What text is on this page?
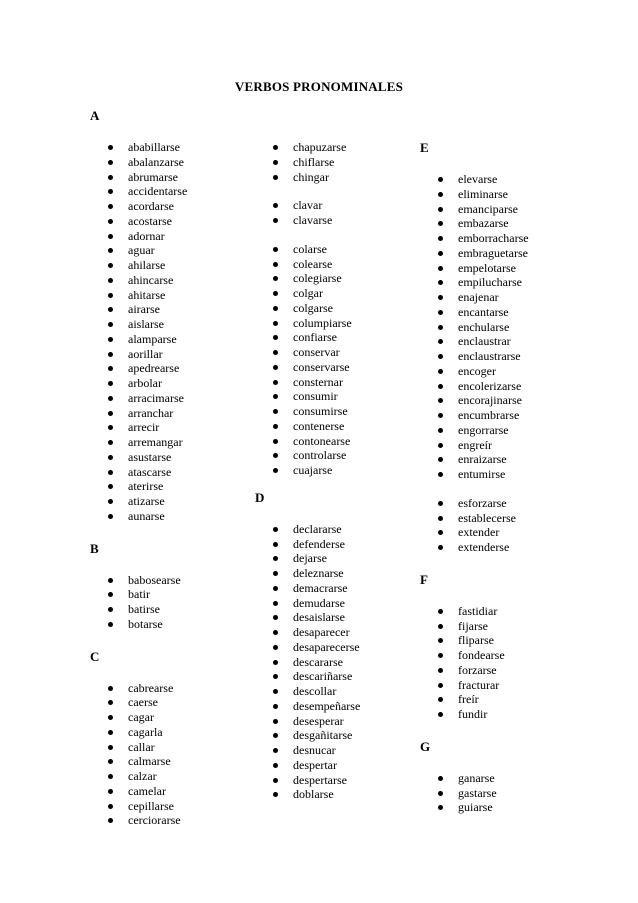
VERBOS PRONOMINALES
A
ababillarse
abalanzarse
abrumarse
accidentarse
acordarse
acostarse
adornar
aguar
ahilarse
ahincarse
ahitarse
airarse
aislarse
alamparse
aorillar
apedrearse
arbolar
arracimarse
arranchar
arrecir
arremangar
asustarse
atascarse
aterirse
atizarse
aunarse
B
babosearse
batir
batirse
botarse
C
cabrearse
caerse
cagar
cagarla
callar
calmarse
calzar
camelar
cepillarse
cerciorarse
chapuzarse
chiflarse
chingar
clavar
clavarse
colarse
colearse
colegiarse
colgar
colgarse
columpiarse
confiarse
conservar
conservarse
consternar
consumir
consumirse
contenerse
contonearse
controlarse
cuajarse
D
declararse
defenderse
dejarse
deleznarse
demacrarse
demudarse
desaislarse
desaparecer
desaparecerse
descararse
descariñarse
descollar
desempeñarse
desesperar
desgañitarse
desnucar
despertar
despertarse
doblarse
E
elevarse
eliminarse
emanciparse
embazarse
emborracharse
embraguetarse
empelotarse
empilucharse
enajenar
encantarse
enchularse
enclaustrar
enclaustrarse
encoger
encolerizarse
encorajinarse
encumbrarse
engorrarse
engreír
enraizarse
entumirse
esforzarse
establecerse
extender
extenderse
F
fastidiar
fijarse
fliparse
fondearse
forzarse
fracturar
freír
fundir
G
ganarse
gastarse
guiarse
